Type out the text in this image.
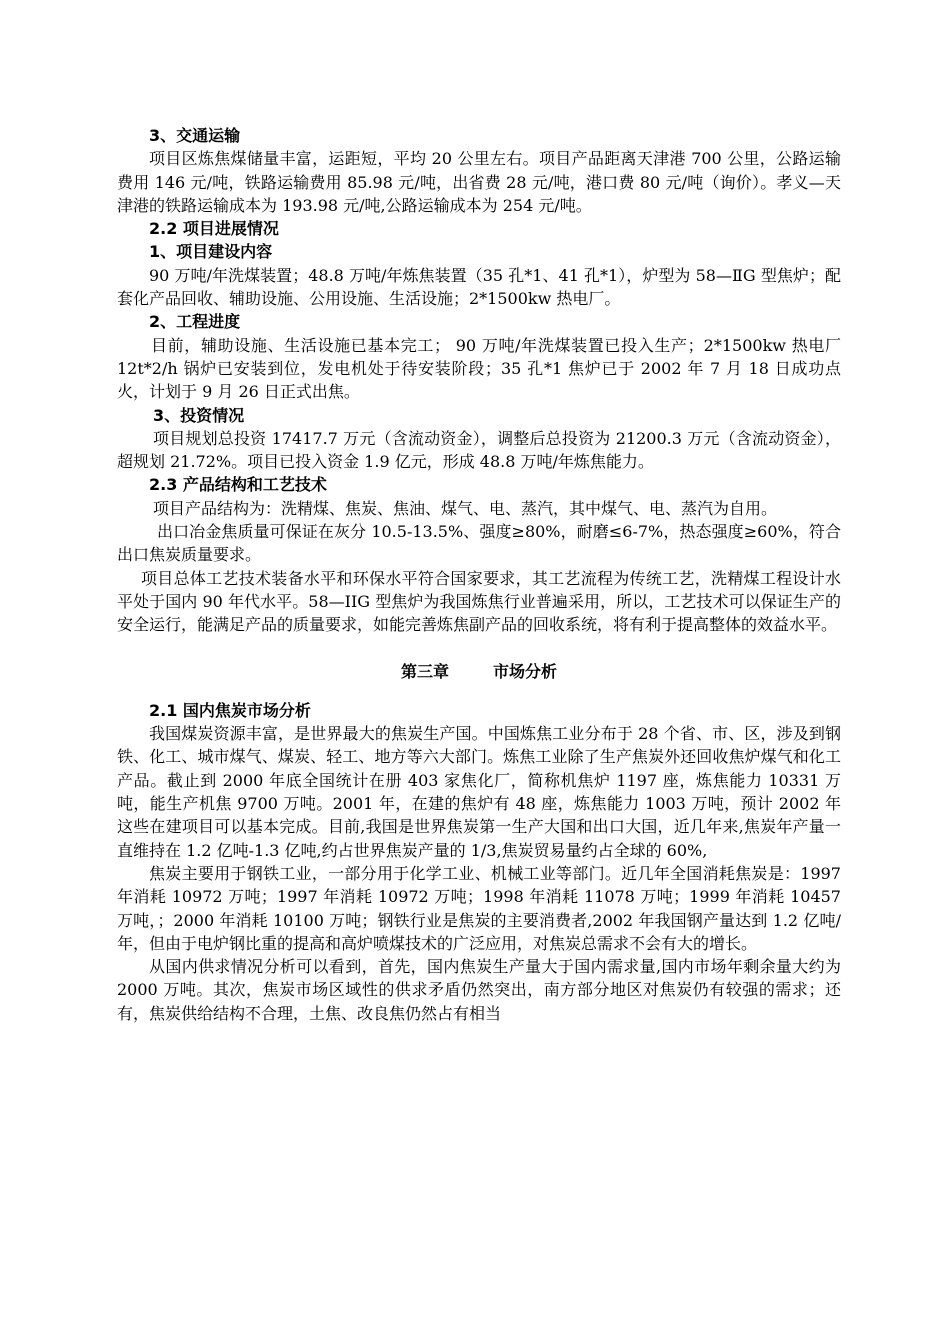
3、交通运输

项目区炼焦煤储量丰富，运距短，平均 20 公里左右。项目产品距离天津港 700 公里，公路运输费用 146 元/吨，铁路运输费用 85.98 元/吨，出省费 28 元/吨，港口费 80 元/吨（询价）。孝义—天津港的铁路运输成本为 193.98 元/吨,公路运输成本为 254 元/吨。

2.2 项目进展情况

1、项目建设内容

90 万吨/年洗煤装置；48.8 万吨/年炼焦装置（35 孔*1、41 孔*1），炉型为 58—ⅡG 型焦炉；配套化产品回收、辅助设施、公用设施、生活设施；2*1500kw 热电厂。

2、工程进度

目前，辅助设施、生活设施已基本完工； 90 万吨/年洗煤装置已投入生产；2*1500kw 热电厂 12t*2/h 锅炉已安装到位，发电机处于待安装阶段；35 孔*1 焦炉已于 2002 年 7 月 18 日成功点火，计划于 9 月 26 日正式出焦。

3、投资情况

项目规划总投资 17417.7 万元（含流动资金），调整后总投资为 21200.3 万元（含流动资金），超规划 21.72%。项目已投入资金 1.9 亿元，形成 48.8 万吨/年炼焦能力。

2.3 产品结构和工艺技术

项目产品结构为：洗精煤、焦炭、焦油、煤气、电、蒸汽，其中煤气、电、蒸汽为自用。

出口冶金焦质量可保证在灰分 10.5-13.5%、强度≥80%，耐磨≤6-7%，热态强度≥60%，符合出口焦炭质量要求。

项目总体工艺技术装备水平和环保水平符合国家要求，其工艺流程为传统工艺，洗精煤工程设计水平处于国内 90 年代水平。58—IIG 型焦炉为我国炼焦行业普遍采用，所以，工艺技术可以保证生产的安全运行，能满足产品的质量要求，如能完善炼焦副产品的回收系统，将有利于提高整体的效益水平。

第三章	市场分析

2.1 国内焦炭市场分析

我国煤炭资源丰富，是世界最大的焦炭生产国。中国炼焦工业分布于 28 个省、市、区，涉及到钢铁、化工、城市煤气、煤炭、轻工、地方等六大部门。炼焦工业除了生产焦炭外还回收焦炉煤气和化工产品。截止到 2000 年底全国统计在册 403 家焦化厂，简称机焦炉 1197 座，炼焦能力 10331 万吨，能生产机焦 9700 万吨。2001 年，在建的焦炉有 48 座，炼焦能力 1003 万吨，预计 2002 年这些在建项目可以基本完成。目前,我国是世界焦炭第一生产大国和出口大国，近几年来,焦炭年产量一直维持在 1.2 亿吨-1.3 亿吨,约占世界焦炭产量的 1/3,焦炭贸易量约占全球的 60%,

焦炭主要用于钢铁工业，一部分用于化学工业、机械工业等部门。近几年全国消耗焦炭是：1997 年消耗 10972 万吨；1997 年消耗 10972 万吨；1998 年消耗 11078 万吨；1999 年消耗 10457 万吨，；2000 年消耗 10100 万吨；钢铁行业是焦炭的主要消费者,2002 年我国钢产量达到 1.2 亿吨/年，但由于电炉钢比重的提高和高炉喷煤技术的广泛应用，对焦炭总需求不会有大的增长。

从国内供求情况分析可以看到，首先，国内焦炭生产量大于国内需求量,国内市场年剩余量大约为 2000 万吨。其次，焦炭市场区域性的供求矛盾仍然突出，南方部分地区对焦炭仍有较强的需求；还有，焦炭供给结构不合理，土焦、改良焦仍然占有相当
